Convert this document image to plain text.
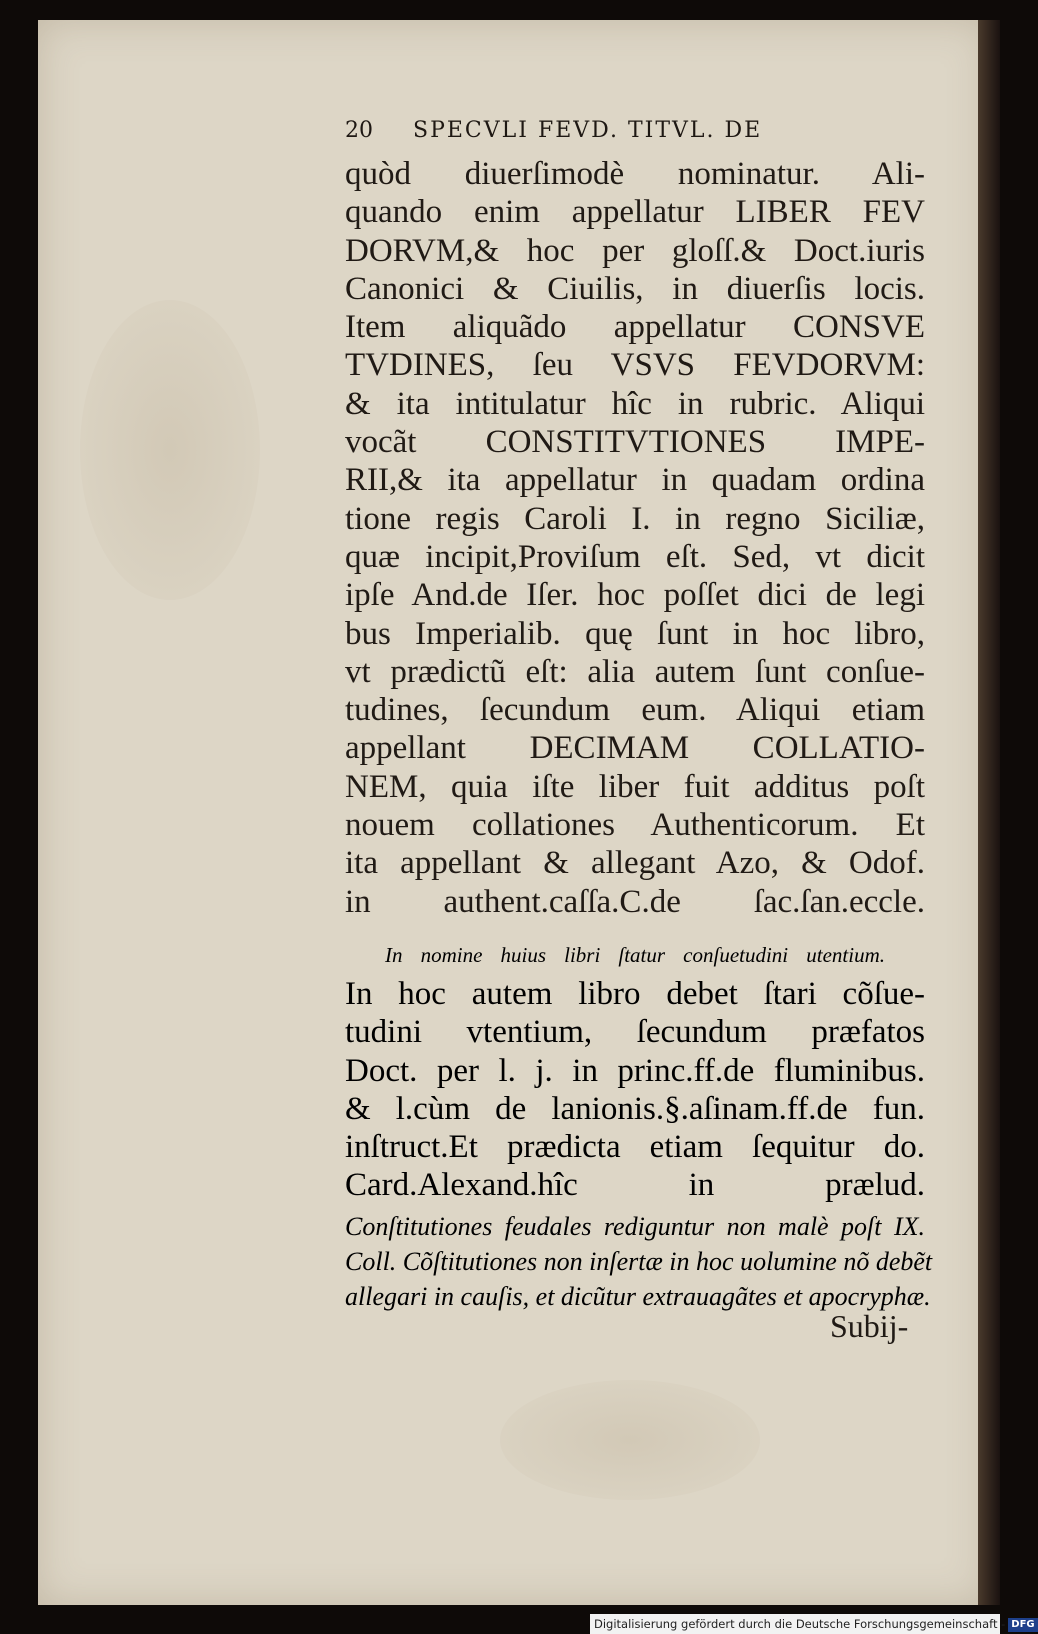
20 SPECVLI FEVD. TITVL. DE
quòd diuerſimodè nominatur. Ali-
quando enim appellatur LIBER FEV
DORVM,& hoc per gloſſ.& Doct.iuris
Canonici & Ciuilis, in diuerſis locis.
Item aliquãdo appellatur CONSVE
TVDINES, ſeu VSVS FEVDORVM:
& ita intitulatur hîc in rubric. Aliqui
vocãt CONSTITVTIONES IMPE-
RII,& ita appellatur in quadam ordina
tione regis Caroli I. in regno Siciliæ,
quæ incipit,Proviſum eſt. Sed, vt dicit
ipſe And.de Iſer. hoc poſſet dici de legi
bus Imperialib. quę ſunt in hoc libro,
vt prædictũ eſt: alia autem ſunt conſue-
tudines, ſecundum eum. Aliqui etiam
appellant DECIMAM COLLATIO-
NEM, quia iſte liber fuit additus poſt
nouem collationes Authenticorum. Et
ita appellant & allegant Azo, & Odof.
in authent.caſſa.C.de ſac.ſan.eccle.
In nomine huius libri ſtatur conſuetudini utentium.
In hoc autem libro debet ſtari cõſue-
tudini vtentium, ſecundum præfatos
Doct. per l. j. in princ.ff.de fluminibus.
& l.cùm de lanionis.§.aſinam.ff.de fun.
inſtruct.Et prædicta etiam ſequitur do.
Card.Alexand.hîc in prælud.
Conſtitutiones feudales rediguntur non malè poſt IX.
Coll. Cõſtitutiones non inſertæ in hoc uolumine nõ debẽt
allegari in cauſis, et dicũtur extrauagãtes et apocryphæ.
Subij-
Digitalisierung gefördert durch die Deutsche Forschungsgemeinschaft - DFG
